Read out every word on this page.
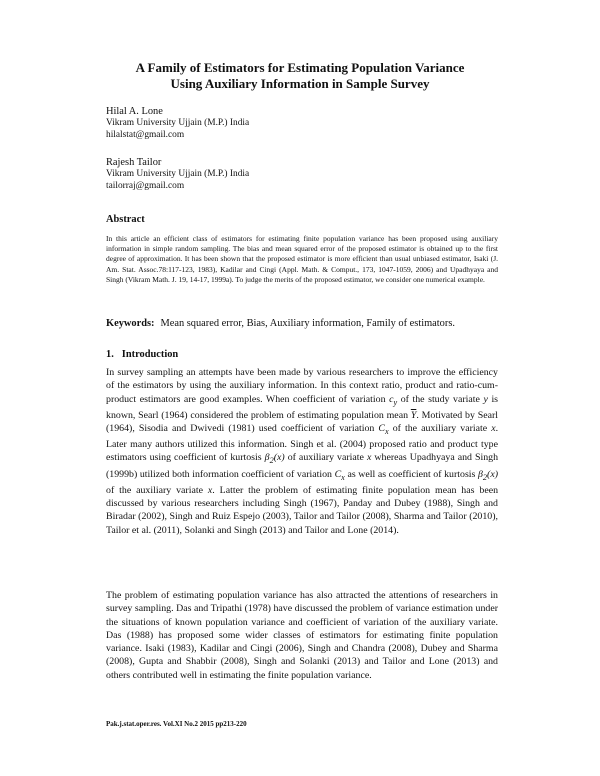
A Family of Estimators for Estimating Population Variance
Using Auxiliary Information in Sample Survey
Hilal A. Lone
Vikram University Ujjain (M.P.) India
hilalstat@gmail.com
Rajesh Tailor
Vikram University Ujjain (M.P.) India
tailorraj@gmail.com
Abstract
In this article an efficient class of estimators for estimating finite population variance has been proposed using auxiliary information in simple random sampling. The bias and mean squared error of the proposed estimator is obtained up to the first degree of approximation. It has been shown that the proposed estimator is more efficient than usual unbiased estimator, Isaki (J. Am. Stat. Assoc.78:117-123, 1983), Kadilar and Cingi (Appl. Math. & Comput., 173, 1047-1059, 2006) and Upadhyaya and Singh (Vikram Math. J. 19, 14-17, 1999a). To judge the merits of the proposed estimator, we consider one numerical example.
Keywords: Mean squared error, Bias, Auxiliary information, Family of estimators.
1. Introduction
In survey sampling an attempts have been made by various researchers to improve the efficiency of the estimators by using the auxiliary information. In this context ratio, product and ratio-cum-product estimators are good examples. When coefficient of variation $c_y$ of the study variate y is known, Searl (1964) considered the problem of estimating population mean $\overline{Y}$. Motivated by Searl (1964), Sisodia and Dwivedi (1981) used coefficient of variation $C_x$ of the auxiliary variate x. Later many authors utilized this information. Singh et al. (2004) proposed ratio and product type estimators using coefficient of kurtosis $\beta_2(x)$ of auxiliary variate x whereas Upadhyaya and Singh (1999b) utilized both information coefficient of variation $C_x$ as well as coefficient of kurtosis $\beta_2(x)$ of the auxiliary variate x. Latter the problem of estimating finite population mean has been discussed by various researchers including Singh (1967), Panday and Dubey (1988), Singh and Biradar (2002), Singh and Ruiz Espejo (2003), Tailor and Tailor (2008), Sharma and Tailor (2010), Tailor et al. (2011), Solanki and Singh (2013) and Tailor and Lone (2014).
The problem of estimating population variance has also attracted the attentions of researchers in survey sampling. Das and Tripathi (1978) have discussed the problem of variance estimation under the situations of known population variance and coefficient of variation of the auxiliary variate. Das (1988) has proposed some wider classes of estimators for estimating finite population variance. Isaki (1983), Kadilar and Cingi (2006), Singh and Chandra (2008), Dubey and Sharma (2008), Gupta and Shabbir (2008), Singh and Solanki (2013) and Tailor and Lone (2013) and others contributed well in estimating the finite population variance.
Pak.j.stat.oper.res. Vol.XI No.2 2015 pp213-220
